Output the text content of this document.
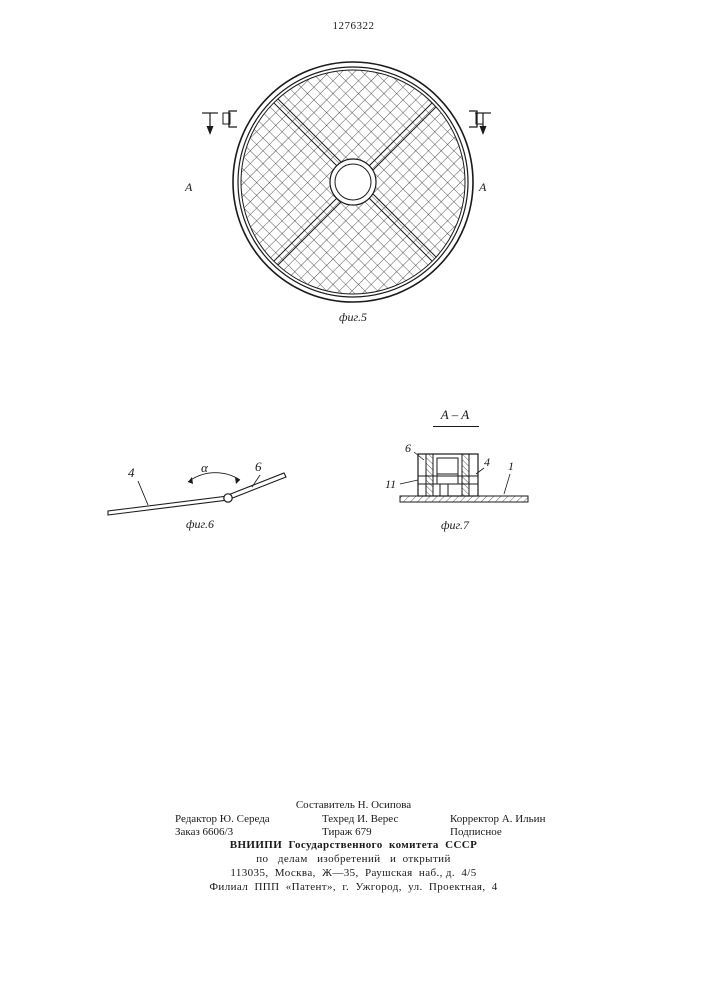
1276322
A	A
фиг.5
4	6
α
фиг.6
A – A
6
11
4 1
фиг.7
Составитель Н. Осипова
Редактор Ю. Середа	Техред И. Верес	Корректор А. Ильин
Заказ 6606/3	Тираж 679	Подписное
ВНИИПИ  Государственного  комитета  СССР
по   делам   изобретений   и  открытий
113035,  Москва,  Ж—35,  Раушская  наб., д.  4/5
Филиал  ППП  «Патент»,  г.  Ужгород,  ул.  Проектная,  4
